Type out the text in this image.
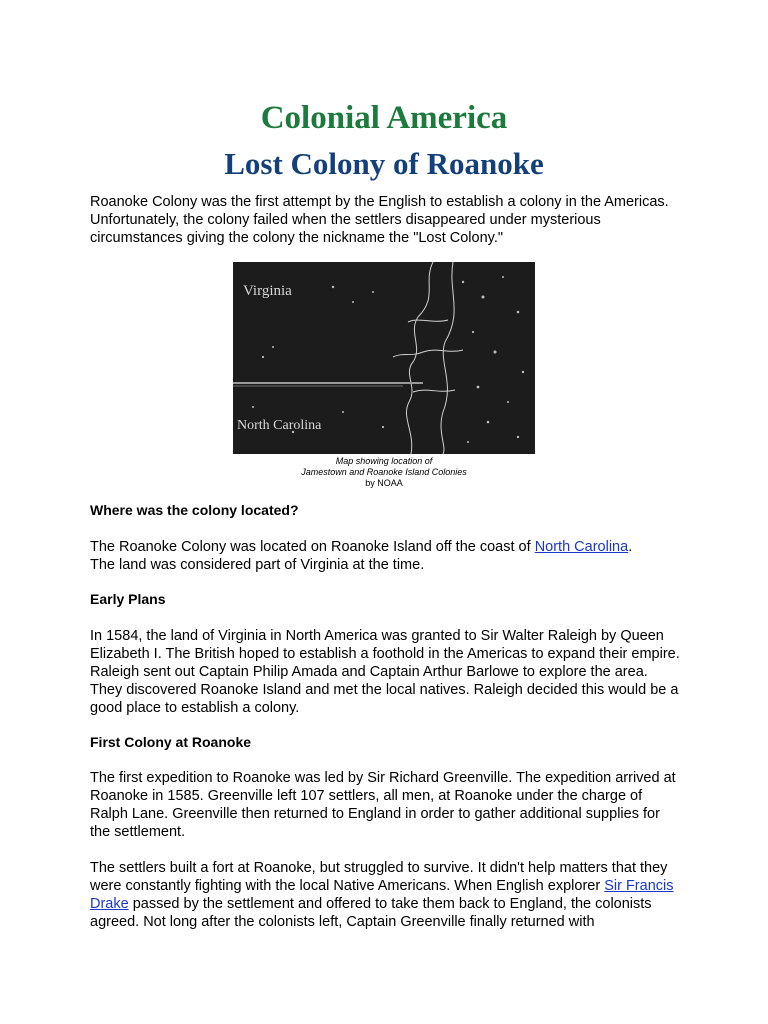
Colonial America
Lost Colony of Roanoke

Roanoke Colony was the first attempt by the English to establish a colony in the Americas. Unfortunately, the colony failed when the settlers disappeared under mysterious circumstances giving the colony the nickname the "Lost Colony."

Virginia
North Carolina

Map showing location of
Jamestown and Roanoke Island Colonies
by NOAA

Where was the colony located?

The Roanoke Colony was located on Roanoke Island off the coast of North Carolina.
The land was considered part of Virginia at the time.

Early Plans

In 1584, the land of Virginia in North America was granted to Sir Walter Raleigh by Queen Elizabeth I. The British hoped to establish a foothold in the Americas to expand their empire. Raleigh sent out Captain Philip Amada and Captain Arthur Barlowe to explore the area. They discovered Roanoke Island and met the local natives. Raleigh decided this would be a good place to establish a colony.

First Colony at Roanoke

The first expedition to Roanoke was led by Sir Richard Greenville. The expedition arrived at Roanoke in 1585. Greenville left 107 settlers, all men, at Roanoke under the charge of Ralph Lane. Greenville then returned to England in order to gather additional supplies for the settlement.

The settlers built a fort at Roanoke, but struggled to survive. It didn't help matters that they were constantly fighting with the local Native Americans. When English explorer Sir Francis Drake passed by the settlement and offered to take them back to England, the colonists agreed. Not long after the colonists left, Captain Greenville finally returned with
